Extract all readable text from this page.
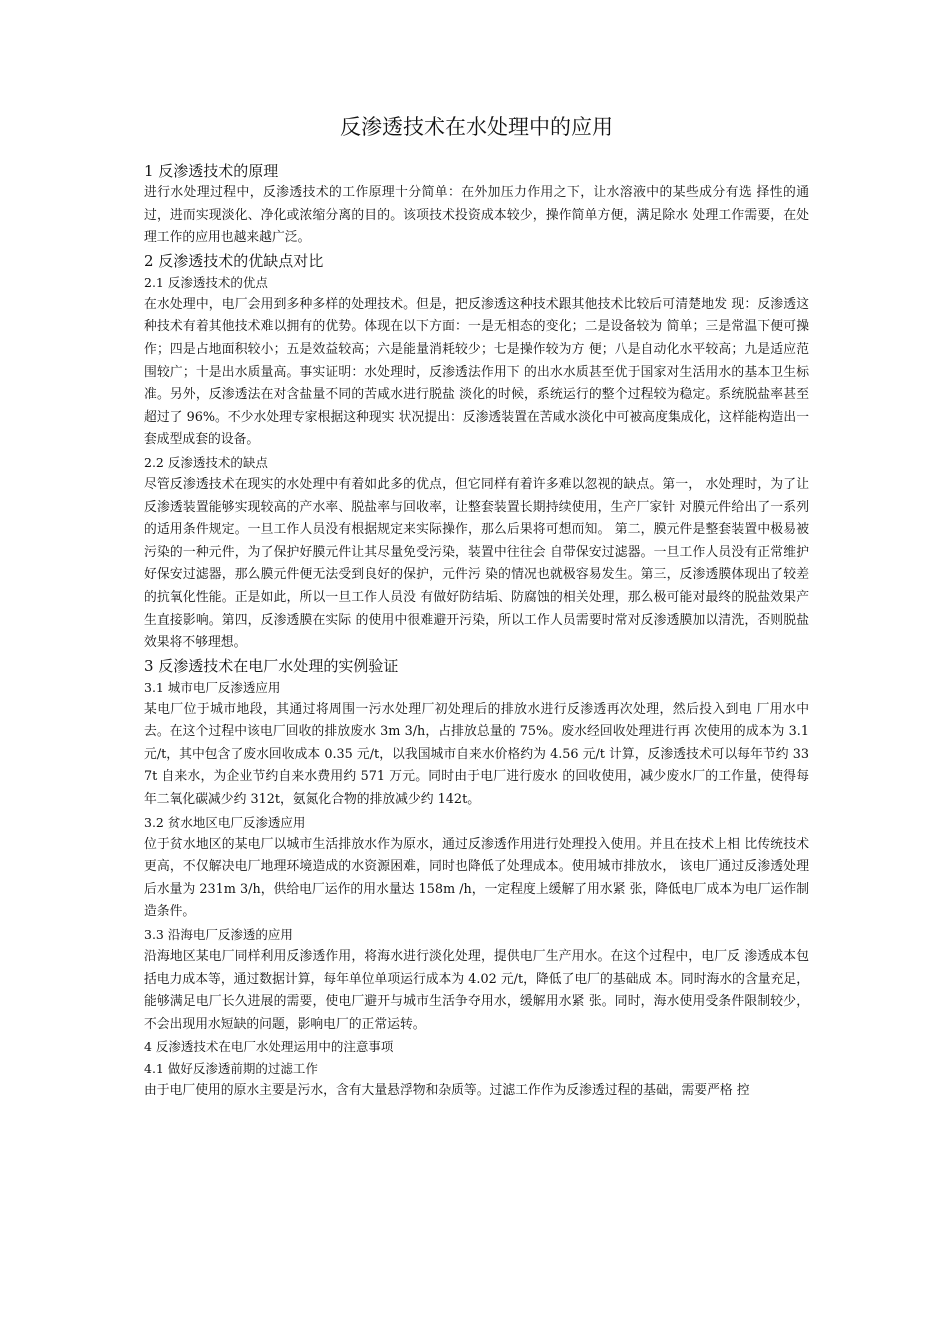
反渗透技术在水处理中的应用
1 反渗透技术的原理

进行水处理过程中，反渗透技术的工作原理十分简单：在外加压力作用之下，让水溶液中的某些成分有选 择性的通过，进而实现淡化、净化或浓缩分离的目的。该项技术投资成本较少，操作简单方便，满足除水 处理工作需要，在处理工作的应用也越来越广泛。

2 反渗透技术的优缺点对比
2.1 反渗透技术的优点

在水处理中，电厂会用到多种多样的处理技术。但是，把反渗透这种技术跟其他技术比较后可清楚地发 现：反渗透这种技术有着其他技术难以拥有的优势。体现在以下方面：一是无相态的变化；二是设备较为 简单；三是常温下便可操作；四是占地面积较小；五是效益较高；六是能量消耗较少；七是操作较为方 便；八是自动化水平较高；九是适应范围较广；十是出水质量高。事实证明：水处理时，反渗透法作用下 的出水水质甚至优于国家对生活用水的基本卫生标准。另外，反渗透法在对含盐量不同的苦咸水进行脱盐 淡化的时候，系统运行的整个过程较为稳定。系统脱盐率甚至超过了 96%。不少水处理专家根据这种现实 状况提出：反渗透装置在苦咸水淡化中可被高度集成化，这样能构造出一套成型成套的设备。

2.2 反渗透技术的缺点

尽管反渗透技术在现实的水处理中有着如此多的优点，但它同样有着许多难以忽视的缺点。第一， 水处理时，为了让反渗透装置能够实现较高的产水率、脱盐率与回收率，让整套装置长期持续使用，生产厂家针 对膜元件给出了一系列的适用条件规定。一旦工作人员没有根据规定来实际操作，那么后果将可想而知。 第二，膜元件是整套装置中极易被污染的一种元件，为了保护好膜元件让其尽量免受污染，装置中往往会 自带保安过滤器。一旦工作人员没有正常维护好保安过滤器，那么膜元件便无法受到良好的保护，元件污 染的情况也就极容易发生。第三，反渗透膜体现出了较差的抗氧化性能。正是如此，所以一旦工作人员没 有做好防结垢、防腐蚀的相关处理，那么极可能对最终的脱盐效果产生直接影响。第四，反渗透膜在实际 的使用中很难避开污染，所以工作人员需要时常对反渗透膜加以清洗，否则脱盐效果将不够理想。

3 反渗透技术在电厂水处理的实例验证
3.1 城市电厂反渗透应用

某电厂位于城市地段，其通过将周围一污水处理厂初处理后的排放水进行反渗透再次处理，然后投入到电 厂用水中去。在这个过程中该电厂回收的排放废水 3m 3/h，占排放总量的 75%。废水经回收处理进行再 次使用的成本为 3.1 元/t，其中包含了废水回收成本 0.35 元/t，以我国城市自来水价格约为 4.56 元/t 计算，反渗透技术可以每年节约 337t 自来水，为企业节约自来水费用约 571 万元。同时由于电厂进行废水 的回收使用，减少废水厂的工作量，使得每年二氧化碳减少约 312t，氨氮化合物的排放减少约 142t。

3.2 贫水地区电厂反渗透应用

位于贫水地区的某电厂以城市生活排放水作为原水，通过反渗透作用进行处理投入使用。并且在技术上相 比传统技术更高，不仅解决电厂地理环境造成的水资源困难，同时也降低了处理成本。使用城市排放水， 该电厂通过反渗透处理后水量为 231m 3/h，供给电厂运作的用水量达 158m /h，一定程度上缓解了用水紧 张，降低电厂成本为电厂运作制造条件。

3.3 沿海电厂反渗透的应用

沿海地区某电厂同样利用反渗透作用，将海水进行淡化处理，提供电厂生产用水。在这个过程中，电厂反 渗透成本包括电力成本等，通过数据计算，每年单位单项运行成本为 4.02 元/t，降低了电厂的基础成 本。同时海水的含量充足，能够满足电厂长久进展的需要，使电厂避开与城市生活争夺用水，缓解用水紧 张。同时，海水使用受条件限制较少，不会出现用水短缺的问题，影响电厂的正常运转。

4 反渗透技术在电厂水处理运用中的注意事项
4.1 做好反渗透前期的过滤工作

由于电厂使用的原水主要是污水，含有大量悬浮物和杂质等。过滤工作作为反渗透过程的基础，需要严格 控
